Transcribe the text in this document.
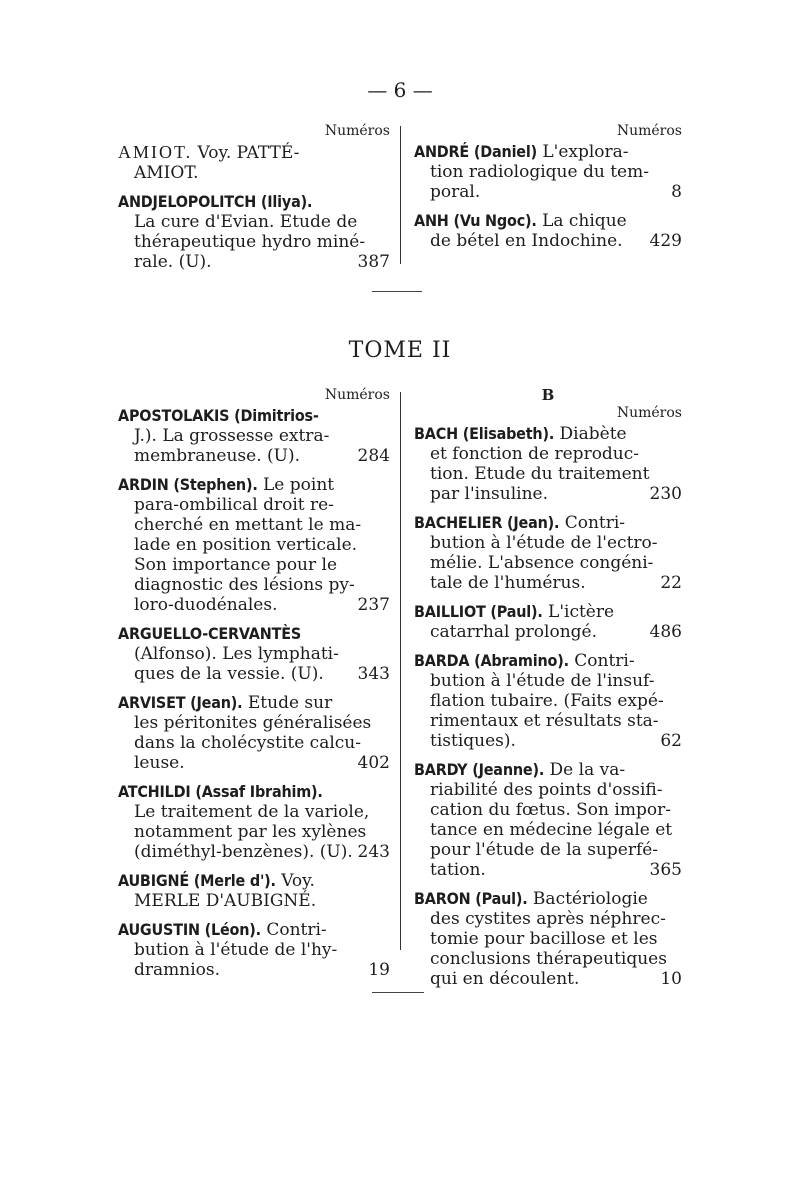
— 6 —
Numéros
AMIOT. Voy. PATTÉ-
AMIOT.
ANDJELOPOLITCH (Iliya).
La cure d'Evian. Etude de
thérapeutique hydro miné-
rale. (U).	387
Numéros
ANDRÉ (Daniel) L'explora-
tion radiologique du tem-
poral.	8
ANH (Vu Ngoc). La chique
de bétel en Indochine. 429
TOME II
Numéros
APOSTOLAKIS (Dimitrios-
J.). La grossesse extra-
membraneuse. (U).	284
ARDIN (Stephen). Le point
para-ombilical droit re-
cherché en mettant le ma-
lade en position verticale.
Son importance pour le
diagnostic des lésions py-
loro-duodénales.	237
ARGUELLO-CERVANTÈS
(Alfonso). Les lymphati-
ques de la vessie. (U). 343
ARVISET (Jean). Etude sur
les péritonites généralisées
dans la cholécystite calcu-
leuse.	402
ATCHILDI (Assaf Ibrahim).
Le traitement de la variole,
notamment par les xylènes
(diméthyl-benzènes). (U). 243
AUBIGNÉ (Merle d'). Voy.
MERLE D'AUBIGNÉ.
AUGUSTIN (Léon). Contri-
bution à l'étude de l'hy-
dramnios.	19
B
Numéros
BACH (Elisabeth). Diabète
et fonction de reproduc-
tion. Etude du traitement
par l'insuline.	230
BACHELIER (Jean). Contri-
bution à l'étude de l'ectro-
mélie. L'absence congéni-
tale de l'humérus.	22
BAILLIOT (Paul). L'ictère
catarrhal prolongé.	486
BARDA (Abramino). Contri-
bution à l'étude de l'insuf-
flation tubaire. (Faits expé-
rimentaux et résultats sta-
tistiques).	62
BARDY (Jeanne). De la va-
riabilité des points d'ossifi-
cation du fœtus. Son impor-
tance en médecine légale et
pour l'étude de la superfé-
tation.	365
BARON (Paul). Bactériologie
des cystites après néphrec-
tomie pour bacillose et les
conclusions thérapeutiques
qui en découlent.	10
